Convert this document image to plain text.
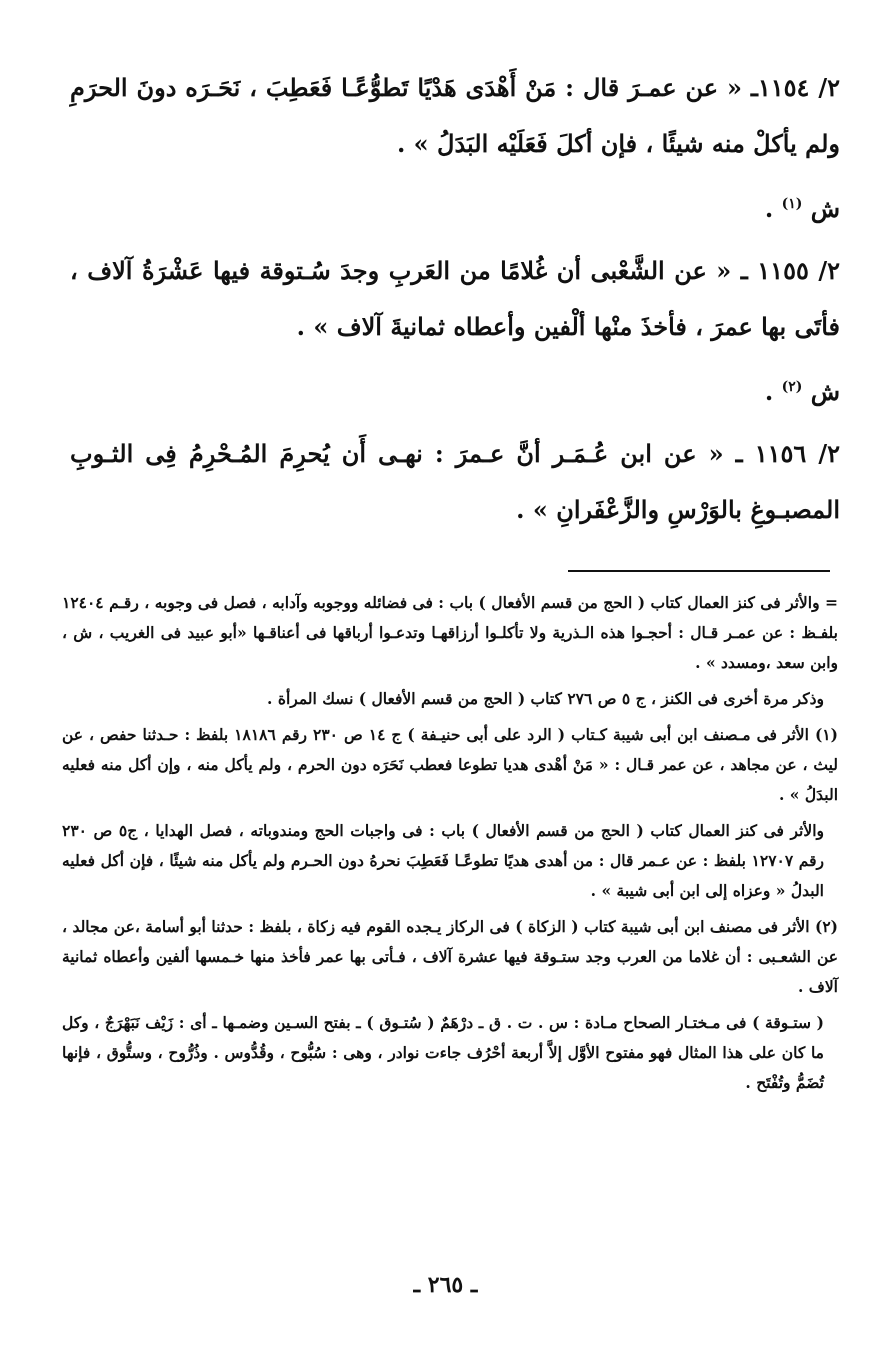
٢/ ١١٥٤ـ « عن عمـرَ قال : مَنْ أَهْدَى هَدْيًا تَطوُّعًـا فَعَطِبَ ، نَحَـرَه دونَ الحرَمِ ولم يأكلْ منه شيئًا ، فإن أكلَ فَعَلَيْه البَدَلُ » .

ش $^{(١)}$ .

٢/ ١١٥٥ ـ « عن الشَّعْبى أن غُلامًا من العَربِ وجدَ سُـتوقة فيها عَشْرَةُ آلاف ، فأتَى بها عمرَ ، فأخذَ منْها ألْفين وأعطاه ثمانيةَ آلاف » .

ش $^{(٢)}$ .

٢/ ١١٥٦ ـ « عن ابن عُـمَـر أنَّ عـمرَ : نهـى أَن يُحرِمَ المُـحْرِمُ فِى الثـوبِ المصبـوغِ بالوَرْسِ والزَّعْفَرانِ » .

= والأثر فى كنز العمال كتاب ( الحج من قسم الأفعال ) باب : فى فضائله ووجوبه وآدابه ، فصل فى وجوبه ، رقـم ١٢٤٠٤ بلفـظ : عن عمـر قـال : أحجـوا هذه الـذرية ولا تأكلـوا أرزاقهـا وتدعـوا أرباقها فى أعناقـها «أبو عبيد فى الغريب ، ش ، وابن سعد ،ومسدد » .

وذكر مرة أخرى فى الكنز ، ج ٥ ص ٢٧٦ كتاب ( الحج من قسم الأفعال ) نسك المرأة .

(١) الأثر فى مـصنف ابن أبى شيبة كـتاب ( الرد على أبى حنيـفة ) ج ١٤ ص ٢٣٠ رقم ١٨١٨٦ بلفظ : حـدثنا حفص ، عن ليث ، عن مجاهد ، عن عمر قـال : « مَنْ أهْدى هديا تطوعا فعطب نَحَرَه دون الحرم ، ولم يأكل منه ، وإن أكل منه فعليه البدَلُ » .

والأثر فى كنز العمال كتاب ( الحج من قسم الأفعال ) باب : فى واجبات الحج ومندوباته ، فصل الهدايا ، ج٥ ص ٢٣٠ رقم ١٢٧٠٧ بلفظ : عن عـمر قال : من أهدى هديًا تطوعًـا فَعَطِبَ نحرهُ دون الحـرم ولم يأكل منه شيئًا ، فإن أكل فعليه البدلُ « وعزاه إلى ابن أبى شيبة » .

(٢) الأثر فى مصنف ابن أبى شيبة كتاب ( الزكاة ) فى الركاز يـجده القوم فيه زكاة ، بلفظ : حدثنا أبو أسامة ،عن مجالد ، عن الشعـبى : أن غلاما من العرب وجد ستـوقة فيها عشرة آلاف ، فـأتى بها عمر فأخذ منها خـمسها ألفين وأعطاه ثمانية آلاف .

( ستـوقة ) فى مـختـار الصحاح مـادة : س . ت . ق ـ درْهَمٌ ( سُتـوق ) ـ بفتح السـين وضمـها ـ أى : زَيْف نَبَهْرَجٌ ، وكل ما كان على هذا المثال فهو مفتوح الأوَّل إلاَّ أربعة أحْرُف جاءت نوادر ، وهى : سُبُّوح ، وقُدُّوس . وذُرُّوح ، وستُّوق ، فإنها تُضَمُّ وتُفْتَح .

ـ ٢٦٥ ـ
